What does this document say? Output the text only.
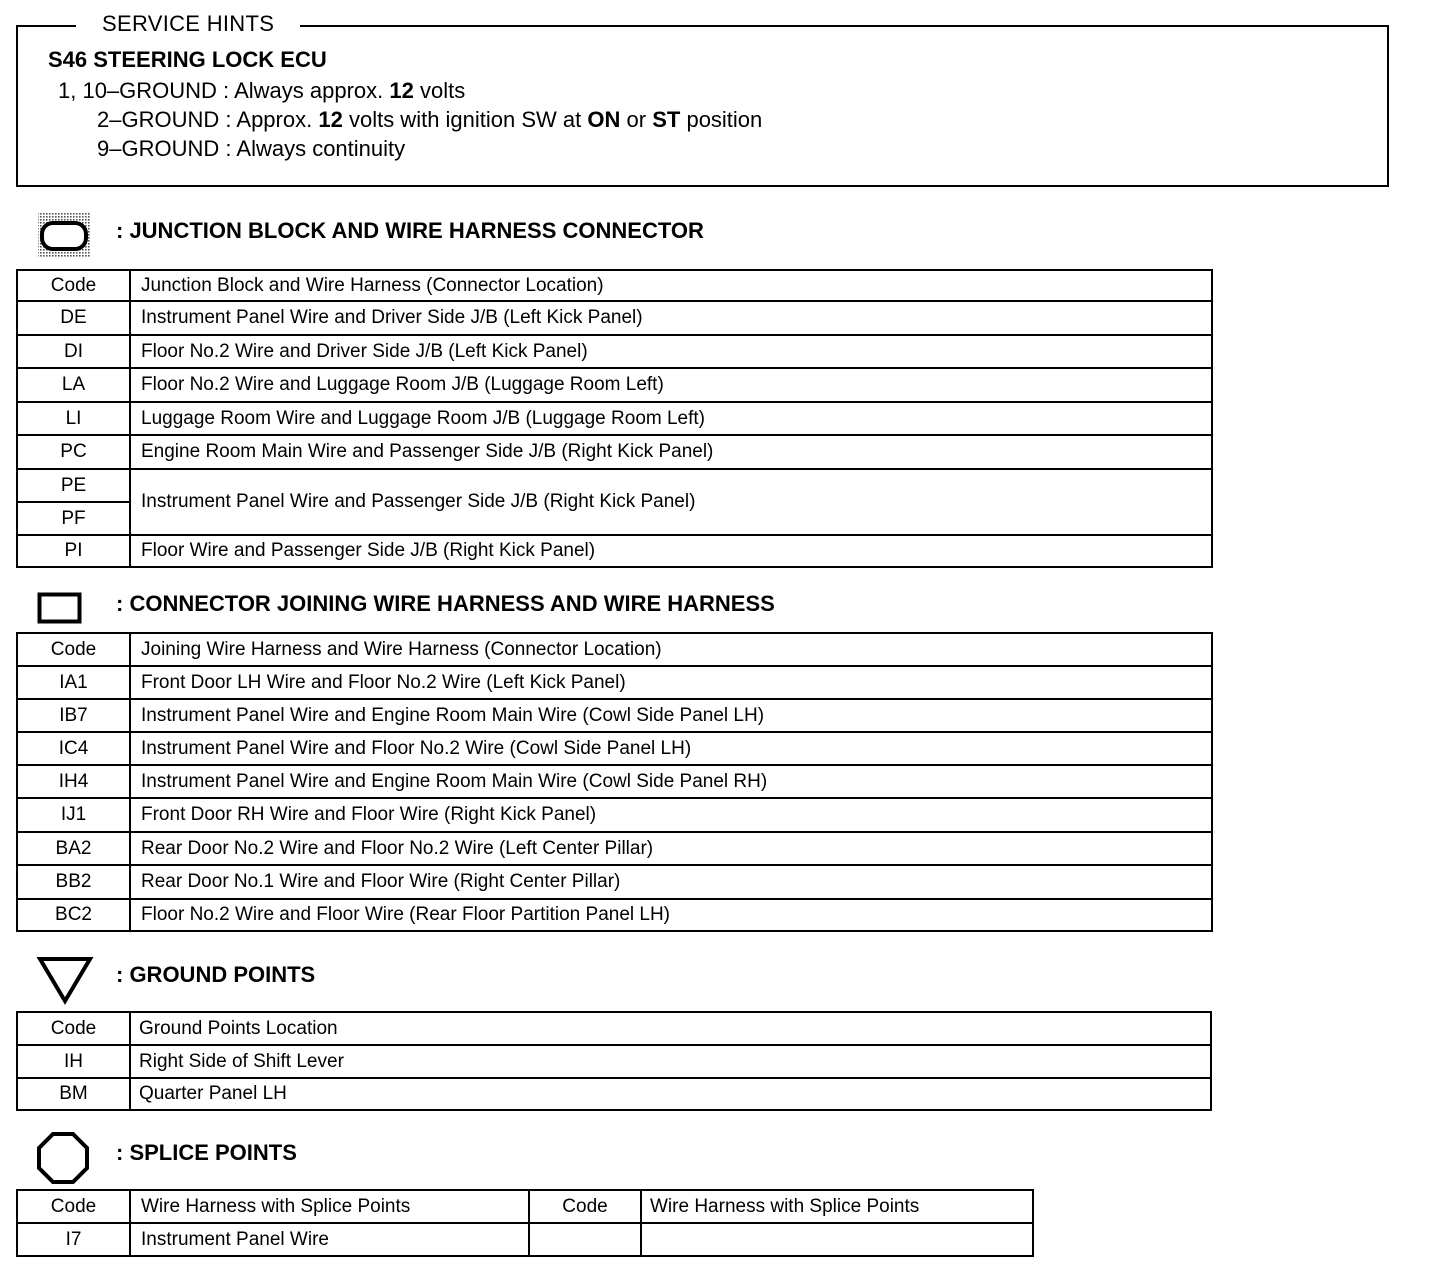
SERVICE HINTS
S46 STEERING LOCK ECU
1, 10–GROUND : Always approx. 12 volts
2–GROUND : Approx. 12 volts with ignition SW at ON or ST position
9–GROUND : Always continuity
: JUNCTION BLOCK AND WIRE HARNESS CONNECTOR
Code	Junction Block and Wire Harness (Connector Location)
DE	Instrument Panel Wire and Driver Side J/B (Left Kick Panel)
DI	Floor No.2 Wire and Driver Side J/B (Left Kick Panel)
LA	Floor No.2 Wire and Luggage Room J/B (Luggage Room Left)
LI	Luggage Room Wire and Luggage Room J/B (Luggage Room Left)
PC	Engine Room Main Wire and Passenger Side J/B (Right Kick Panel)
PE	Instrument Panel Wire and Passenger Side J/B (Right Kick Panel)
PF	
PI	Floor Wire and Passenger Side J/B (Right Kick Panel)
: CONNECTOR JOINING WIRE HARNESS AND WIRE HARNESS
Code	Joining Wire Harness and Wire Harness (Connector Location)
IA1	Front Door LH Wire and Floor No.2 Wire (Left Kick Panel)
IB7	Instrument Panel Wire and Engine Room Main Wire (Cowl Side Panel LH)
IC4	Instrument Panel Wire and Floor No.2 Wire (Cowl Side Panel LH)
IH4	Instrument Panel Wire and Engine Room Main Wire (Cowl Side Panel RH)
IJ1	Front Door RH Wire and Floor Wire (Right Kick Panel)
BA2	Rear Door No.2 Wire and Floor No.2 Wire (Left Center Pillar)
BB2	Rear Door No.1 Wire and Floor Wire (Right Center Pillar)
BC2	Floor No.2 Wire and Floor Wire (Rear Floor Partition Panel LH)
: GROUND POINTS
Code	Ground Points Location
IH	Right Side of Shift Lever
BM	Quarter Panel LH
: SPLICE POINTS
Code	Wire Harness with Splice Points	Code	Wire Harness with Splice Points
I7	Instrument Panel Wire		
